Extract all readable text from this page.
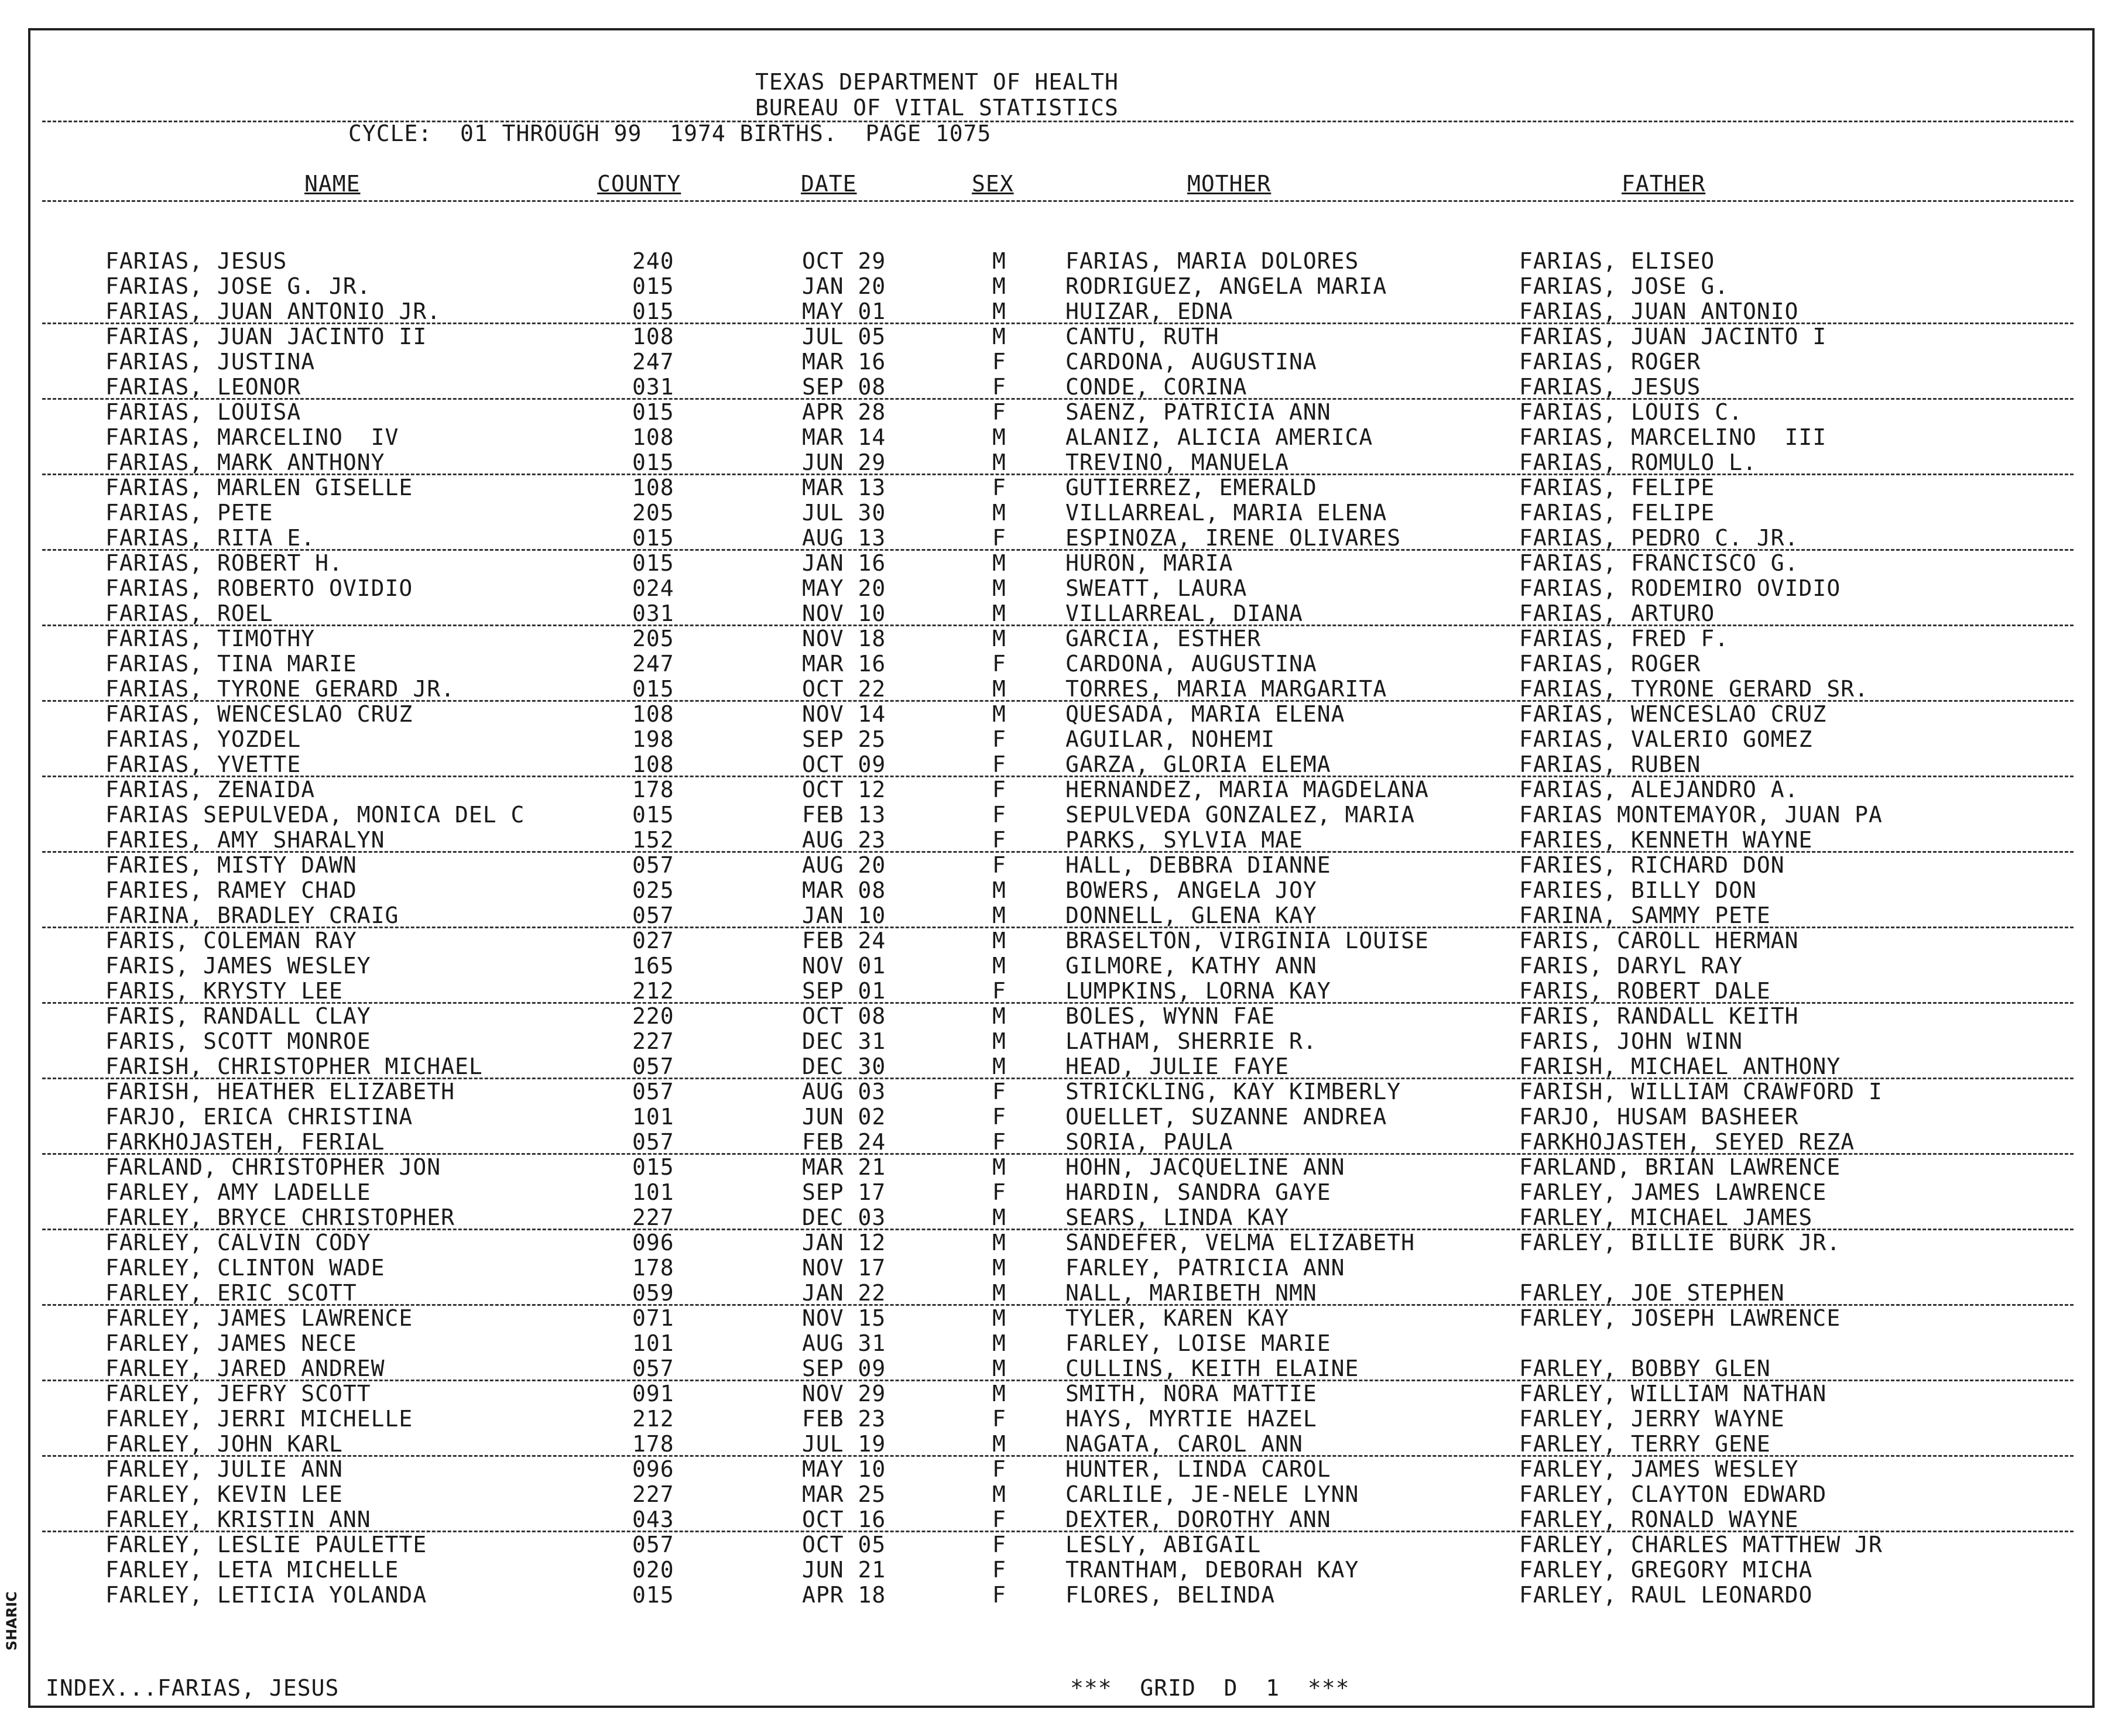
TEXAS DEPARTMENT OF HEALTH
BUREAU OF VITAL STATISTICS
CYCLE:  01 THROUGH 99  1974 BIRTHS.  PAGE 1075
NAME	COUNTY	DATE	SEX	MOTHER	FATHER
FARIAS, JESUS	240	OCT 29	M	FARIAS, MARIA DOLORES	FARIAS, ELISEO
FARIAS, JOSE G. JR.	015	JAN 20	M	RODRIGUEZ, ANGELA MARIA	FARIAS, JOSE G.
FARIAS, JUAN ANTONIO JR.	015	MAY 01	M	HUIZAR, EDNA	FARIAS, JUAN ANTONIO
FARIAS, JUAN JACINTO II	108	JUL 05	M	CANTU, RUTH	FARIAS, JUAN JACINTO I
FARIAS, JUSTINA	247	MAR 16	F	CARDONA, AUGUSTINA	FARIAS, ROGER
FARIAS, LEONOR	031	SEP 08	F	CONDE, CORINA	FARIAS, JESUS
FARIAS, LOUISA	015	APR 28	F	SAENZ, PATRICIA ANN	FARIAS, LOUIS C.
FARIAS, MARCELINO  IV	108	MAR 14	M	ALANIZ, ALICIA AMERICA	FARIAS, MARCELINO  III
FARIAS, MARK ANTHONY	015	JUN 29	M	TREVINO, MANUELA	FARIAS, ROMULO L.
FARIAS, MARLEN GISELLE	108	MAR 13	F	GUTIERREZ, EMERALD	FARIAS, FELIPE
FARIAS, PETE	205	JUL 30	M	VILLARREAL, MARIA ELENA	FARIAS, FELIPE
FARIAS, RITA E.	015	AUG 13	F	ESPINOZA, IRENE OLIVARES	FARIAS, PEDRO C. JR.
FARIAS, ROBERT H.	015	JAN 16	M	HURON, MARIA	FARIAS, FRANCISCO G.
FARIAS, ROBERTO OVIDIO	024	MAY 20	M	SWEATT, LAURA	FARIAS, RODEMIRO OVIDIO
FARIAS, ROEL	031	NOV 10	M	VILLARREAL, DIANA	FARIAS, ARTURO
FARIAS, TIMOTHY	205	NOV 18	M	GARCIA, ESTHER	FARIAS, FRED F.
FARIAS, TINA MARIE	247	MAR 16	F	CARDONA, AUGUSTINA	FARIAS, ROGER
FARIAS, TYRONE GERARD JR.	015	OCT 22	M	TORRES, MARIA MARGARITA	FARIAS, TYRONE GERARD SR.
FARIAS, WENCESLAO CRUZ	108	NOV 14	M	QUESADA, MARIA ELENA	FARIAS, WENCESLAO CRUZ
FARIAS, YOZDEL	198	SEP 25	F	AGUILAR, NOHEMI	FARIAS, VALERIO GOMEZ
FARIAS, YVETTE	108	OCT 09	F	GARZA, GLORIA ELEMA	FARIAS, RUBEN
FARIAS, ZENAIDA	178	OCT 12	F	HERNANDEZ, MARIA MAGDELANA	FARIAS, ALEJANDRO A.
FARIAS SEPULVEDA, MONICA DEL C	015	FEB 13	F	SEPULVEDA GONZALEZ, MARIA	FARIAS MONTEMAYOR, JUAN PA
FARIES, AMY SHARALYN	152	AUG 23	F	PARKS, SYLVIA MAE	FARIES, KENNETH WAYNE
FARIES, MISTY DAWN	057	AUG 20	F	HALL, DEBBRA DIANNE	FARIES, RICHARD DON
FARIES, RAMEY CHAD	025	MAR 08	M	BOWERS, ANGELA JOY	FARIES, BILLY DON
FARINA, BRADLEY CRAIG	057	JAN 10	M	DONNELL, GLENA KAY	FARINA, SAMMY PETE
FARIS, COLEMAN RAY	027	FEB 24	M	BRASELTON, VIRGINIA LOUISE	FARIS, CAROLL HERMAN
FARIS, JAMES WESLEY	165	NOV 01	M	GILMORE, KATHY ANN	FARIS, DARYL RAY
FARIS, KRYSTY LEE	212	SEP 01	F	LUMPKINS, LORNA KAY	FARIS, ROBERT DALE
FARIS, RANDALL CLAY	220	OCT 08	M	BOLES, WYNN FAE	FARIS, RANDALL KEITH
FARIS, SCOTT MONROE	227	DEC 31	M	LATHAM, SHERRIE R.	FARIS, JOHN WINN
FARISH, CHRISTOPHER MICHAEL	057	DEC 30	M	HEAD, JULIE FAYE	FARISH, MICHAEL ANTHONY
FARISH, HEATHER ELIZABETH	057	AUG 03	F	STRICKLING, KAY KIMBERLY	FARISH, WILLIAM CRAWFORD I
FARJO, ERICA CHRISTINA	101	JUN 02	F	OUELLET, SUZANNE ANDREA	FARJO, HUSAM BASHEER
FARKHOJASTEH, FERIAL	057	FEB 24	F	SORIA, PAULA	FARKHOJASTEH, SEYED REZA
FARLAND, CHRISTOPHER JON	015	MAR 21	M	HOHN, JACQUELINE ANN	FARLAND, BRIAN LAWRENCE
FARLEY, AMY LADELLE	101	SEP 17	F	HARDIN, SANDRA GAYE	FARLEY, JAMES LAWRENCE
FARLEY, BRYCE CHRISTOPHER	227	DEC 03	M	SEARS, LINDA KAY	FARLEY, MICHAEL JAMES
FARLEY, CALVIN CODY	096	JAN 12	M	SANDEFER, VELMA ELIZABETH	FARLEY, BILLIE BURK JR.
FARLEY, CLINTON WADE	178	NOV 17	M	FARLEY, PATRICIA ANN
FARLEY, ERIC SCOTT	059	JAN 22	M	NALL, MARIBETH NMN	FARLEY, JOE STEPHEN
FARLEY, JAMES LAWRENCE	071	NOV 15	M	TYLER, KAREN KAY	FARLEY, JOSEPH LAWRENCE
FARLEY, JAMES NECE	101	AUG 31	M	FARLEY, LOISE MARIE
FARLEY, JARED ANDREW	057	SEP 09	M	CULLINS, KEITH ELAINE	FARLEY, BOBBY GLEN
FARLEY, JEFRY SCOTT	091	NOV 29	M	SMITH, NORA MATTIE	FARLEY, WILLIAM NATHAN
FARLEY, JERRI MICHELLE	212	FEB 23	F	HAYS, MYRTIE HAZEL	FARLEY, JERRY WAYNE
FARLEY, JOHN KARL	178	JUL 19	M	NAGATA, CAROL ANN	FARLEY, TERRY GENE
FARLEY, JULIE ANN	096	MAY 10	F	HUNTER, LINDA CAROL	FARLEY, JAMES WESLEY
FARLEY, KEVIN LEE	227	MAR 25	M	CARLILE, JE-NELE LYNN	FARLEY, CLAYTON EDWARD
FARLEY, KRISTIN ANN	043	OCT 16	F	DEXTER, DOROTHY ANN	FARLEY, RONALD WAYNE
FARLEY, LESLIE PAULETTE	057	OCT 05	F	LESLY, ABIGAIL	FARLEY, CHARLES MATTHEW JR
FARLEY, LETA MICHELLE	020	JUN 21	F	TRANTHAM, DEBORAH KAY	FARLEY, GREGORY MICHA
FARLEY, LETICIA YOLANDA	015	APR 18	F	FLORES, BELINDA	FARLEY, RAUL LEONARDO
INDEX...FARIAS, JESUS	***  GRID  D  1  ***
SHARIC
